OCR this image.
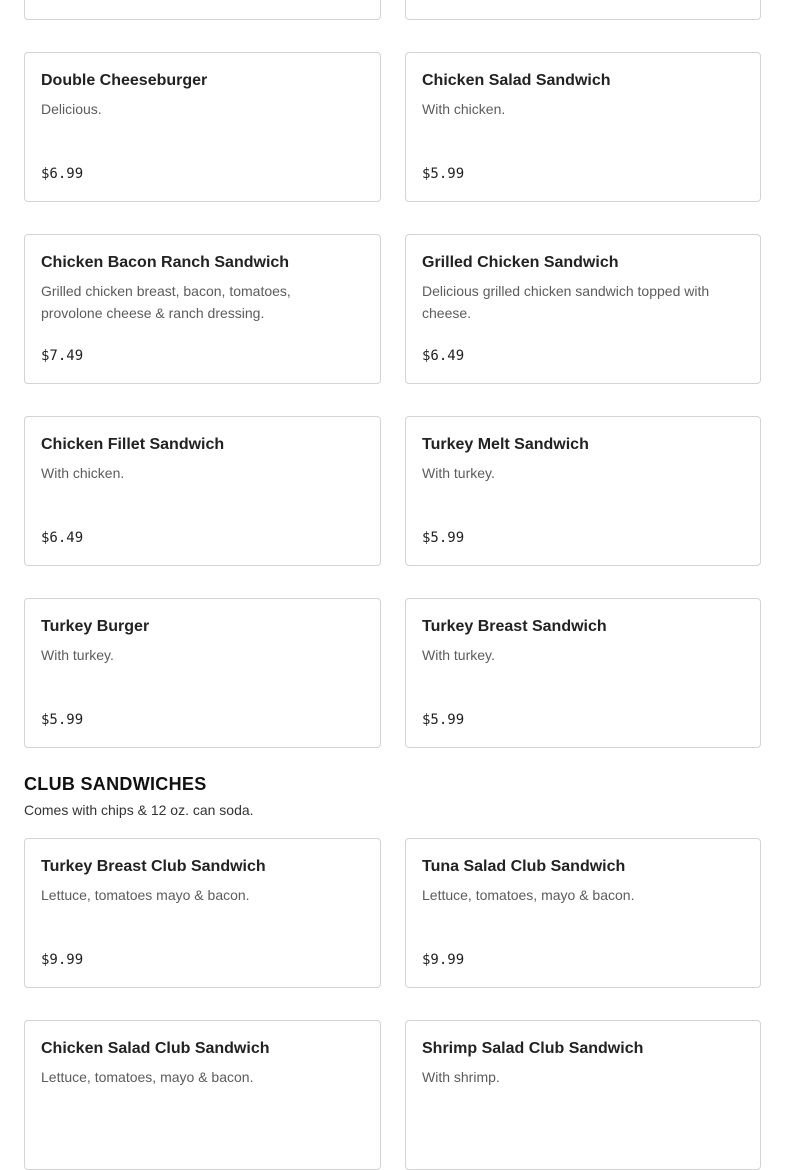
Double Cheeseburger
Delicious.
$6.99
Chicken Salad Sandwich
With chicken.
$5.99
Chicken Bacon Ranch Sandwich
Grilled chicken breast, bacon, tomatoes, provolone cheese & ranch dressing.
$7.49
Grilled Chicken Sandwich
Delicious grilled chicken sandwich topped with cheese.
$6.49
Chicken Fillet Sandwich
With chicken.
$6.49
Turkey Melt Sandwich
With turkey.
$5.99
Turkey Burger
With turkey.
$5.99
Turkey Breast Sandwich
With turkey.
$5.99
CLUB SANDWICHES
Comes with chips & 12 oz. can soda.
Turkey Breast Club Sandwich
Lettuce, tomatoes mayo & bacon.
$9.99
Tuna Salad Club Sandwich
Lettuce, tomatoes, mayo & bacon.
$9.99
Chicken Salad Club Sandwich
Lettuce, tomatoes, mayo & bacon.
Shrimp Salad Club Sandwich
With shrimp.
